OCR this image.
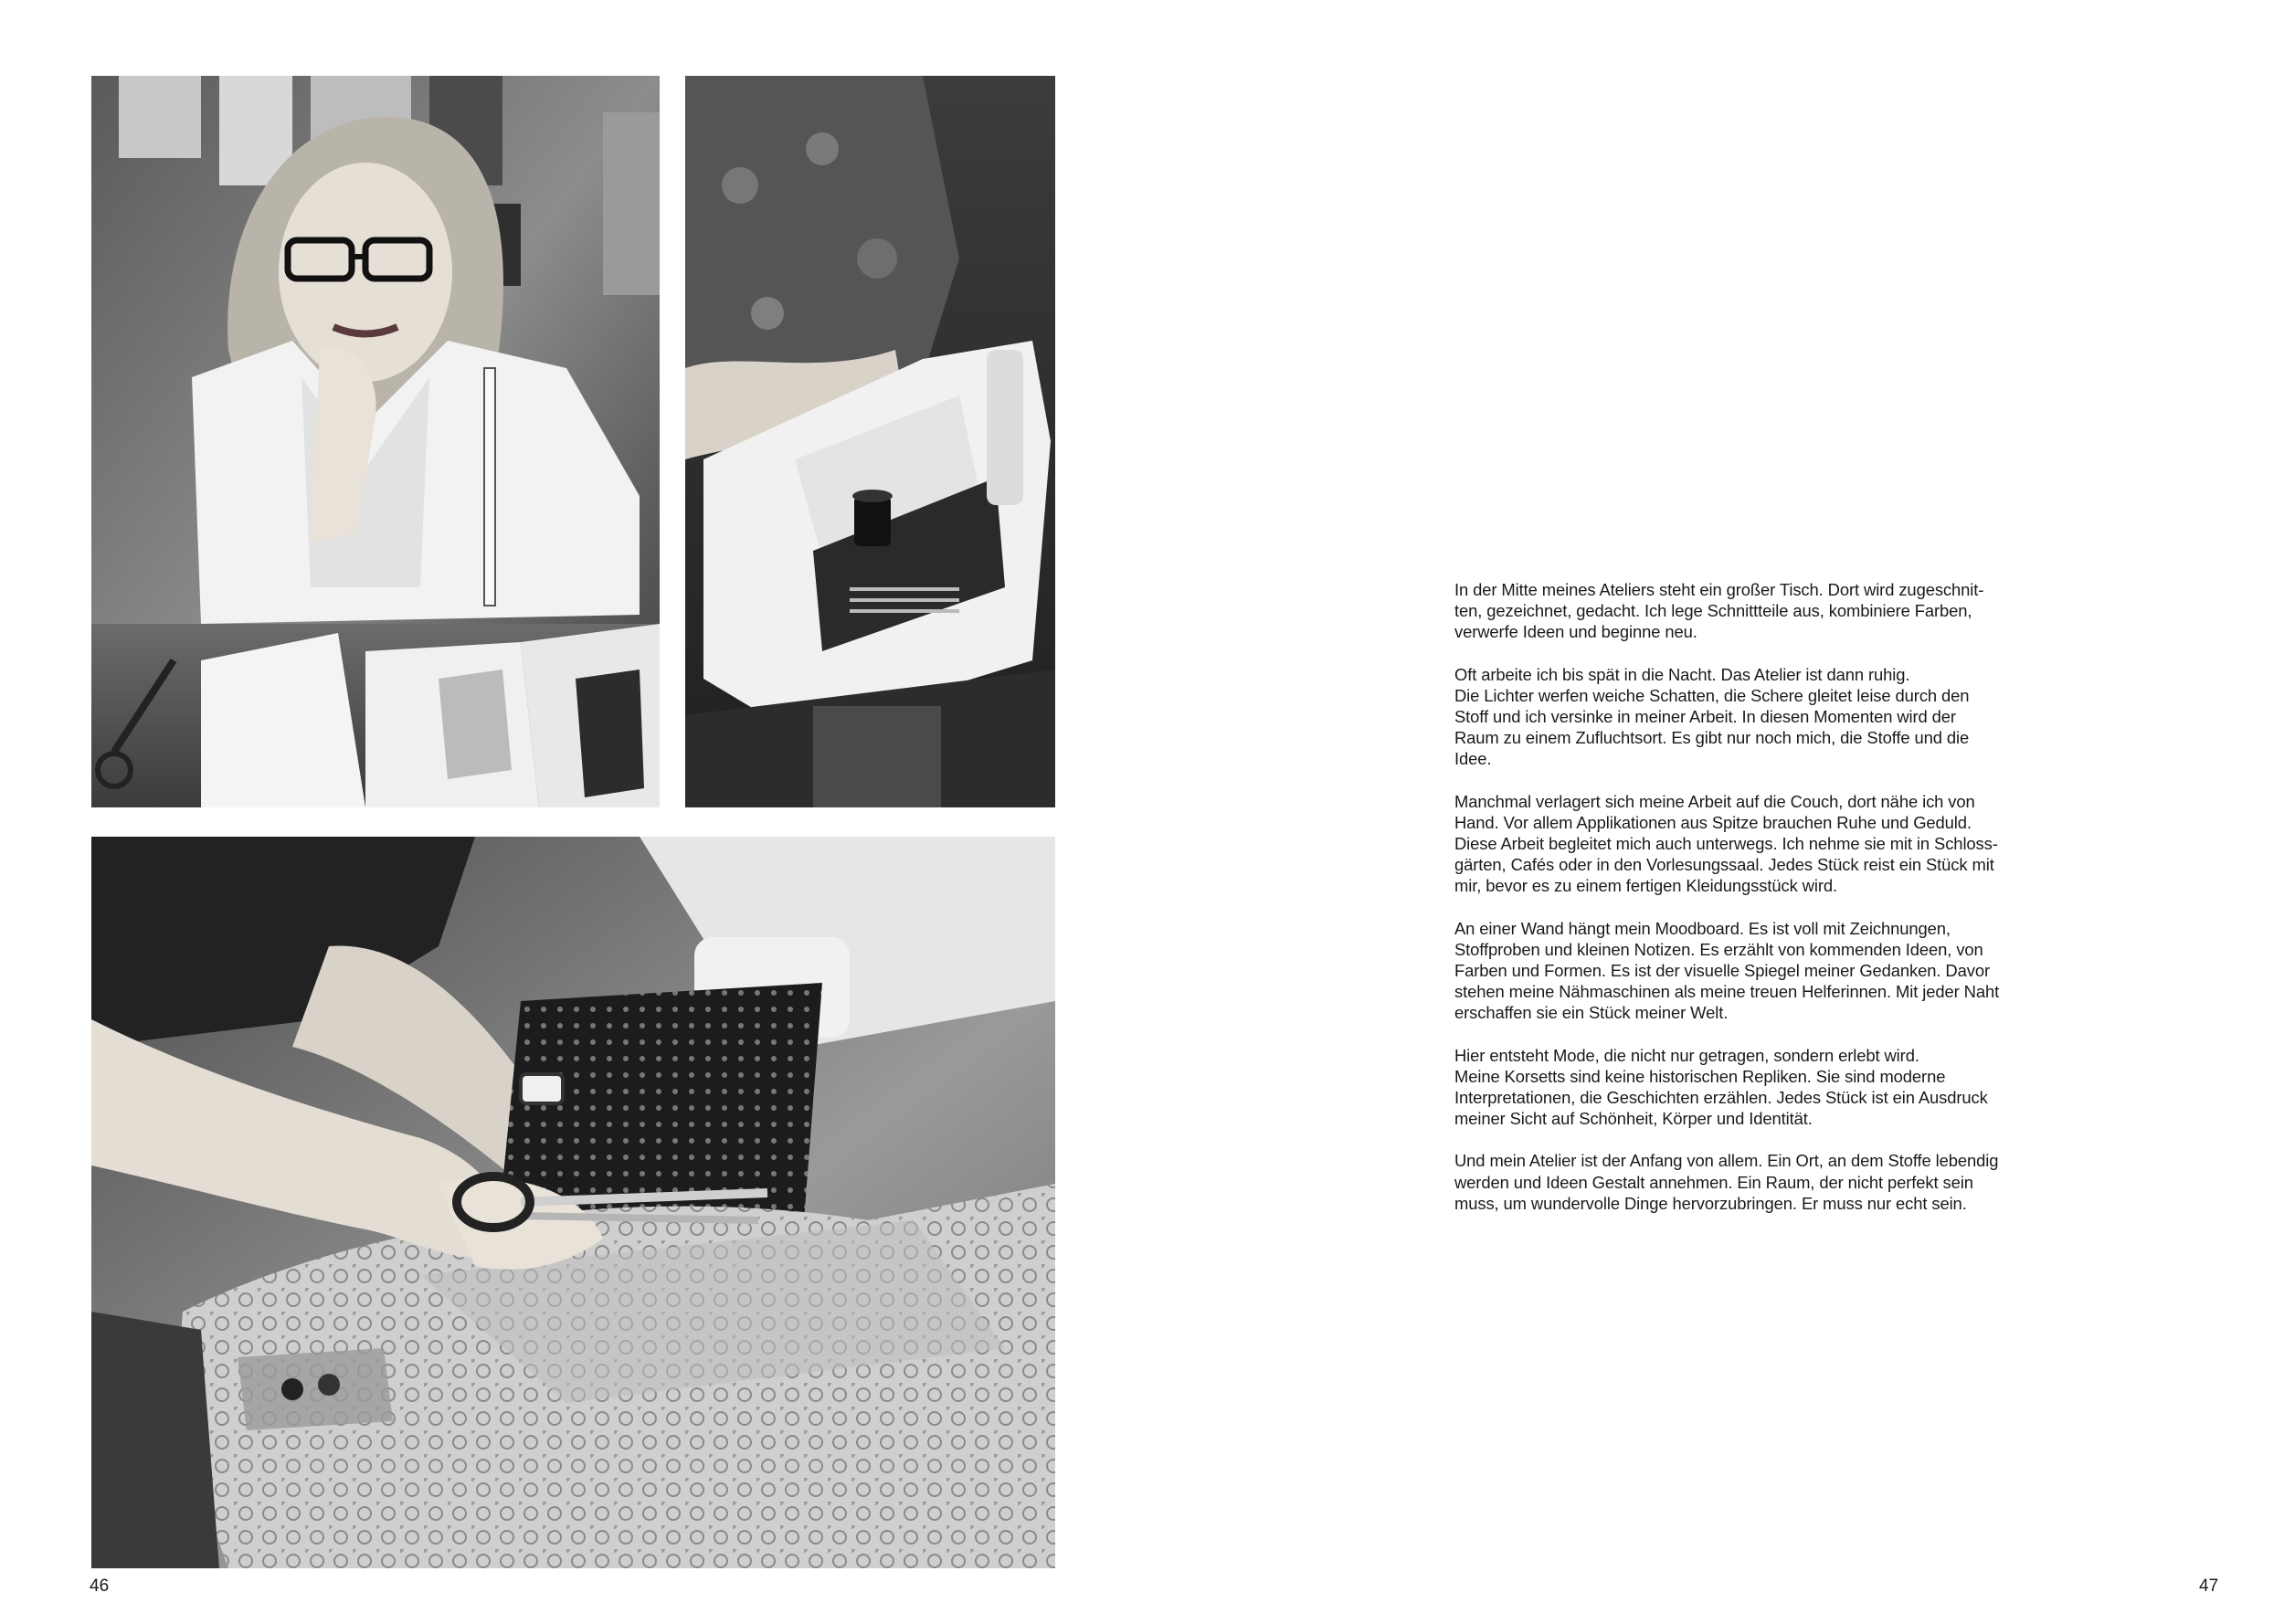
In der Mitte meines Ateliers steht ein großer Tisch. Dort wird zugeschnit-
ten, gezeichnet, gedacht. Ich lege Schnittteile aus, kombiniere Farben,
verwerfe Ideen und beginne neu.

Oft arbeite ich bis spät in die Nacht. Das Atelier ist dann ruhig.
Die Lichter werfen weiche Schatten, die Schere gleitet leise durch den
Stoff und ich versinke in meiner Arbeit. In diesen Momenten wird der
Raum zu einem Zufluchtsort. Es gibt nur noch mich, die Stoffe und die
Idee.

Manchmal verlagert sich meine Arbeit auf die Couch, dort nähe ich von
Hand. Vor allem Applikationen aus Spitze brauchen Ruhe und Geduld.
Diese Arbeit begleitet mich auch unterwegs. Ich nehme sie mit in Schloss-
gärten, Cafés oder in den Vorlesungssaal. Jedes Stück reist ein Stück mit
mir, bevor es zu einem fertigen Kleidungsstück wird.

An einer Wand hängt mein Moodboard. Es ist voll mit Zeichnungen,
Stoffproben und kleinen Notizen. Es erzählt von kommenden Ideen, von
Farben und Formen. Es ist der visuelle Spiegel meiner Gedanken. Davor
stehen meine Nähmaschinen als meine treuen Helferinnen. Mit jeder Naht
erschaffen sie ein Stück meiner Welt.

Hier entsteht Mode, die nicht nur getragen, sondern erlebt wird.
Meine Korsetts sind keine historischen Repliken. Sie sind moderne
Interpretationen, die Geschichten erzählen. Jedes Stück ist ein Ausdruck
meiner Sicht auf Schönheit, Körper und Identität.

Und mein Atelier ist der Anfang von allem. Ein Ort, an dem Stoffe lebendig
werden und Ideen Gestalt annehmen. Ein Raum, der nicht perfekt sein
muss, um wundervolle Dinge hervorzubringen. Er muss nur echt sein.

46	47
